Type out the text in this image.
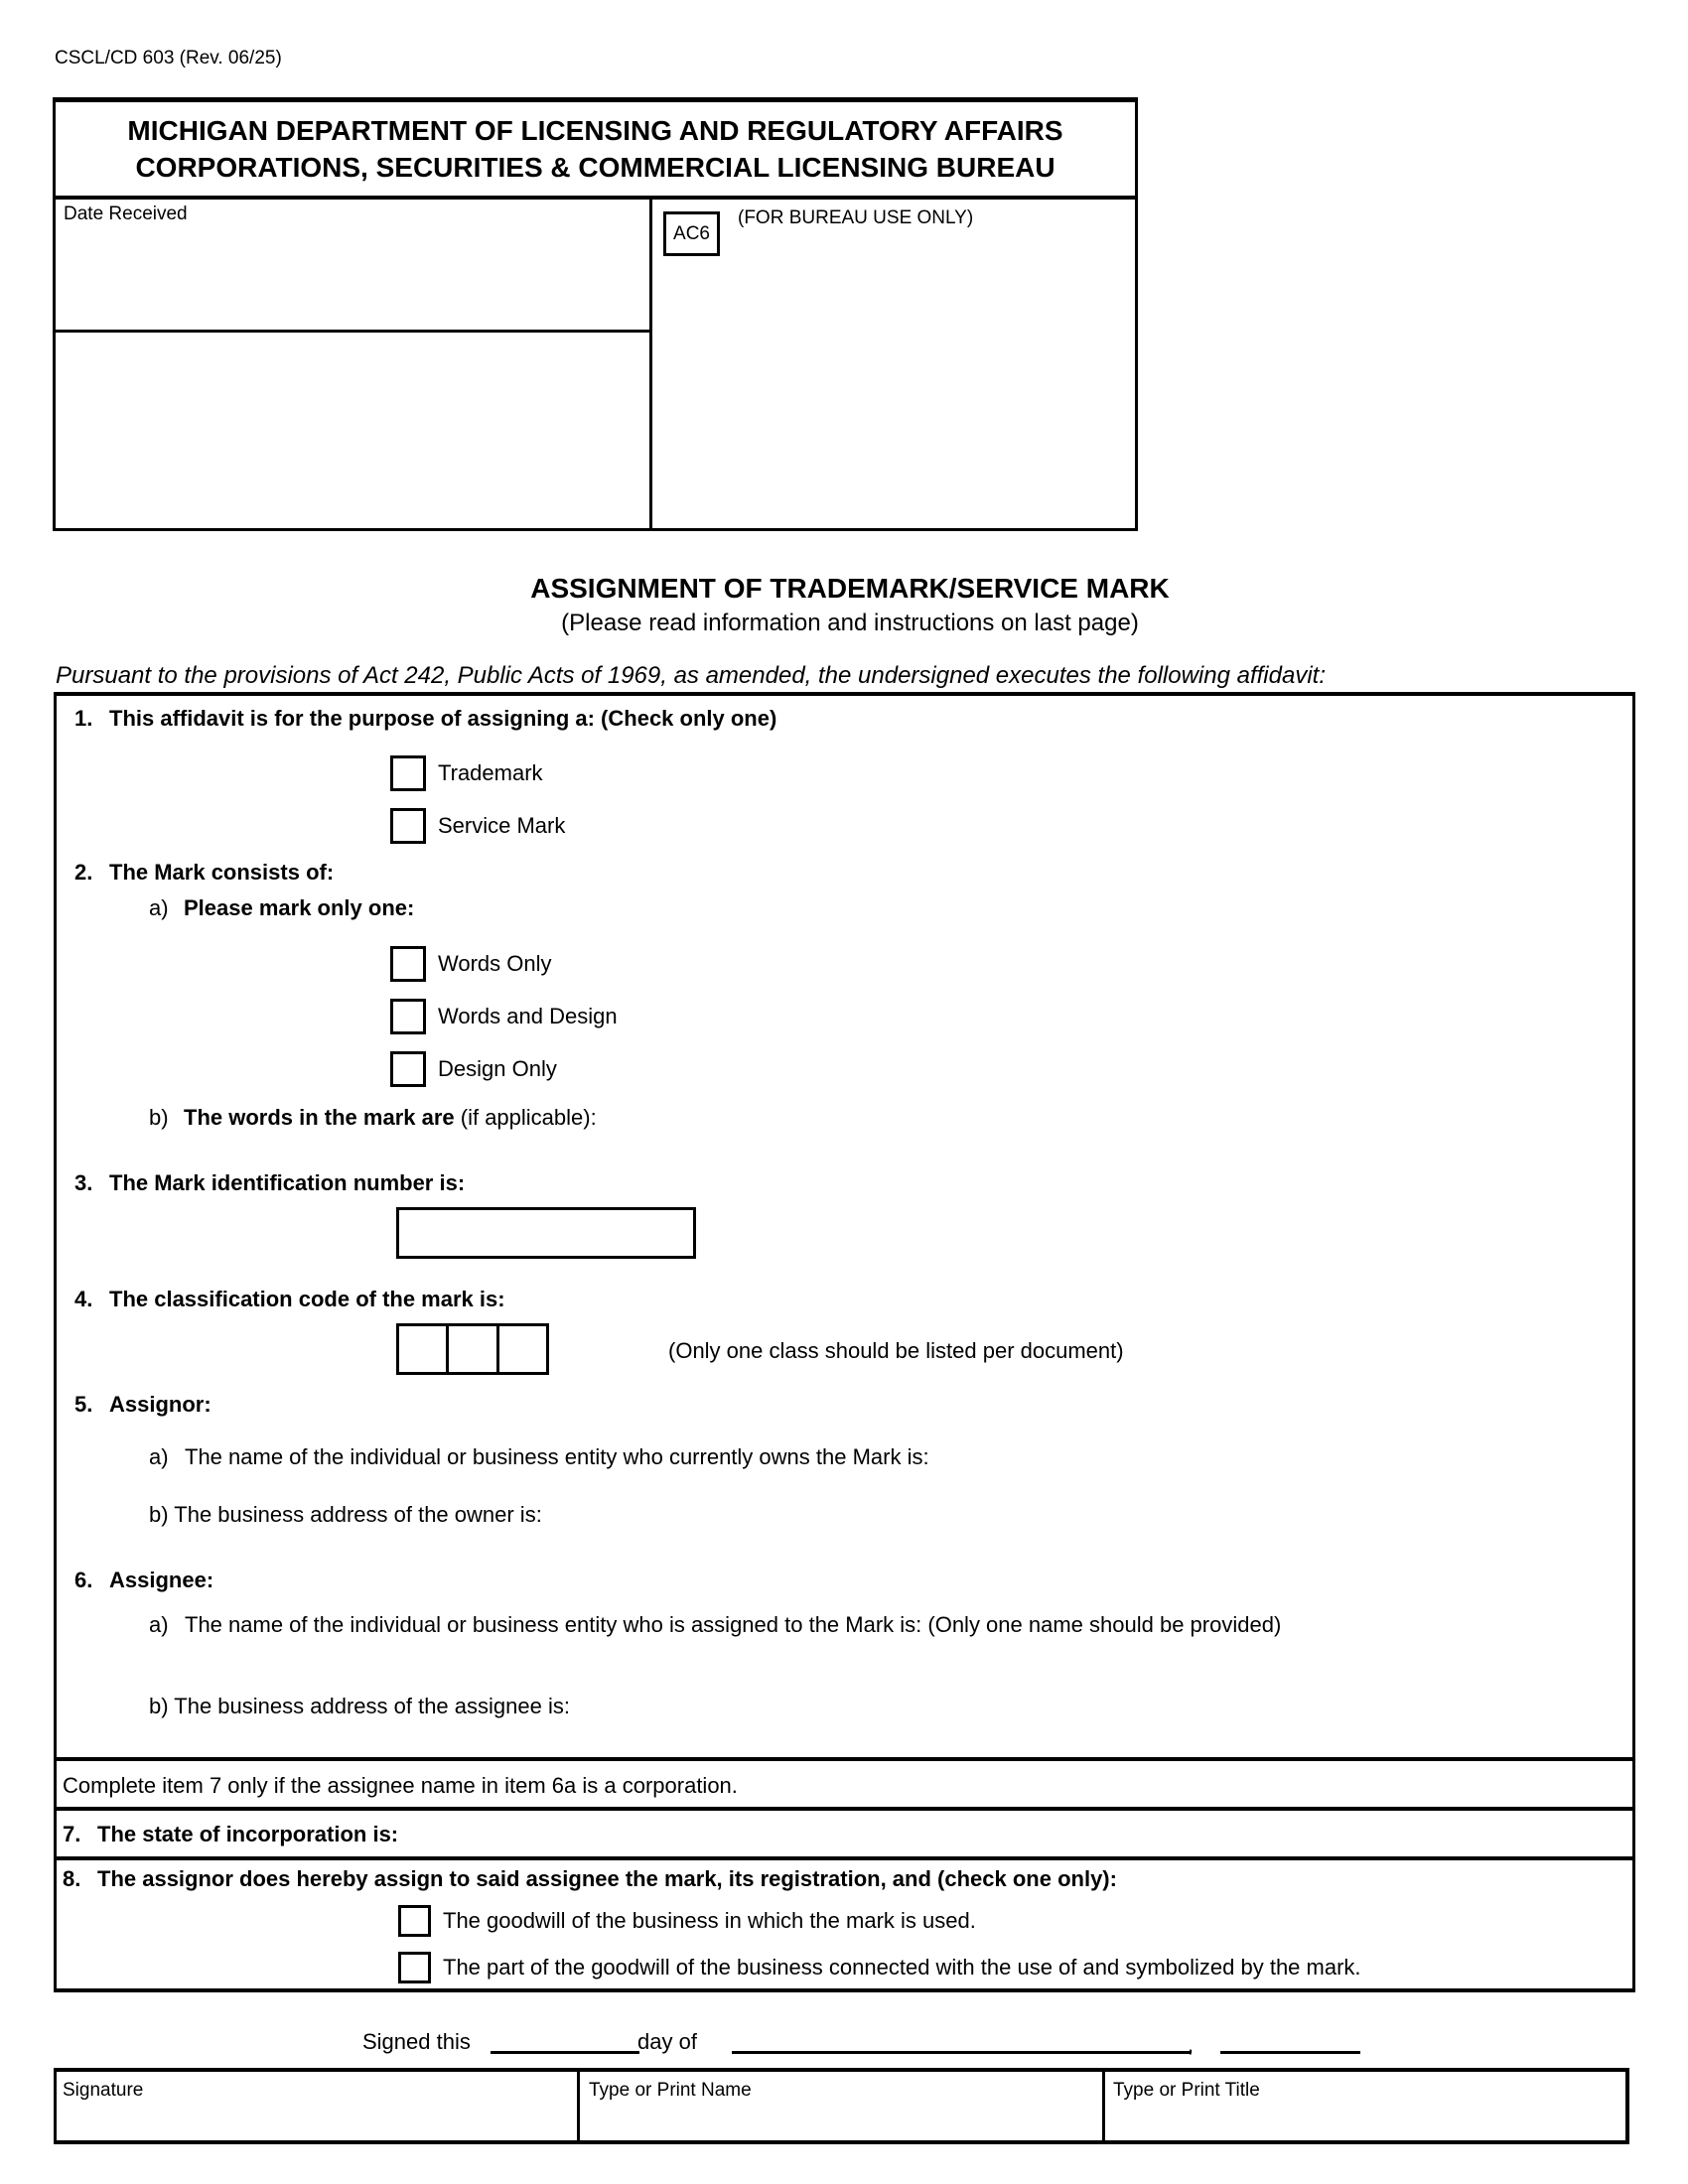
CSCL/CD 603 (Rev. 06/25)
MICHIGAN DEPARTMENT OF LICENSING AND REGULATORY AFFAIRS
CORPORATIONS, SECURITIES & COMMERCIAL LICENSING BUREAU
Date Received
AC6
(FOR BUREAU USE ONLY)
ASSIGNMENT OF TRADEMARK/SERVICE MARK
(Please read information and instructions on last page)
Pursuant to the provisions of Act 242, Public Acts of 1969, as amended, the undersigned executes the following affidavit:
1. This affidavit is for the purpose of assigning a: (Check only one)
Trademark
Service Mark
2. The Mark consists of:
a) Please mark only one:
Words Only
Words and Design
Design Only
b) The words in the mark are (if applicable):
3. The Mark identification number is:
4. The classification code of the mark is:
(Only one class should be listed per document)
5. Assignor:
a) The name of the individual or business entity who currently owns the Mark is:
b) The business address of the owner is:
6. Assignee:
a) The name of the individual or business entity who is assigned to the Mark is: (Only one name should be provided)
b) The business address of the assignee is:
Complete item 7 only if the assignee name in item 6a is a corporation.
7. The state of incorporation is:
8. The assignor does hereby assign to said assignee the mark, its registration, and (check one only):
The goodwill of the business in which the mark is used.
The part of the goodwill of the business connected with the use of and symbolized by the mark.
Signed this	day of	,
Signature	Type or Print Name	Type or Print Title
